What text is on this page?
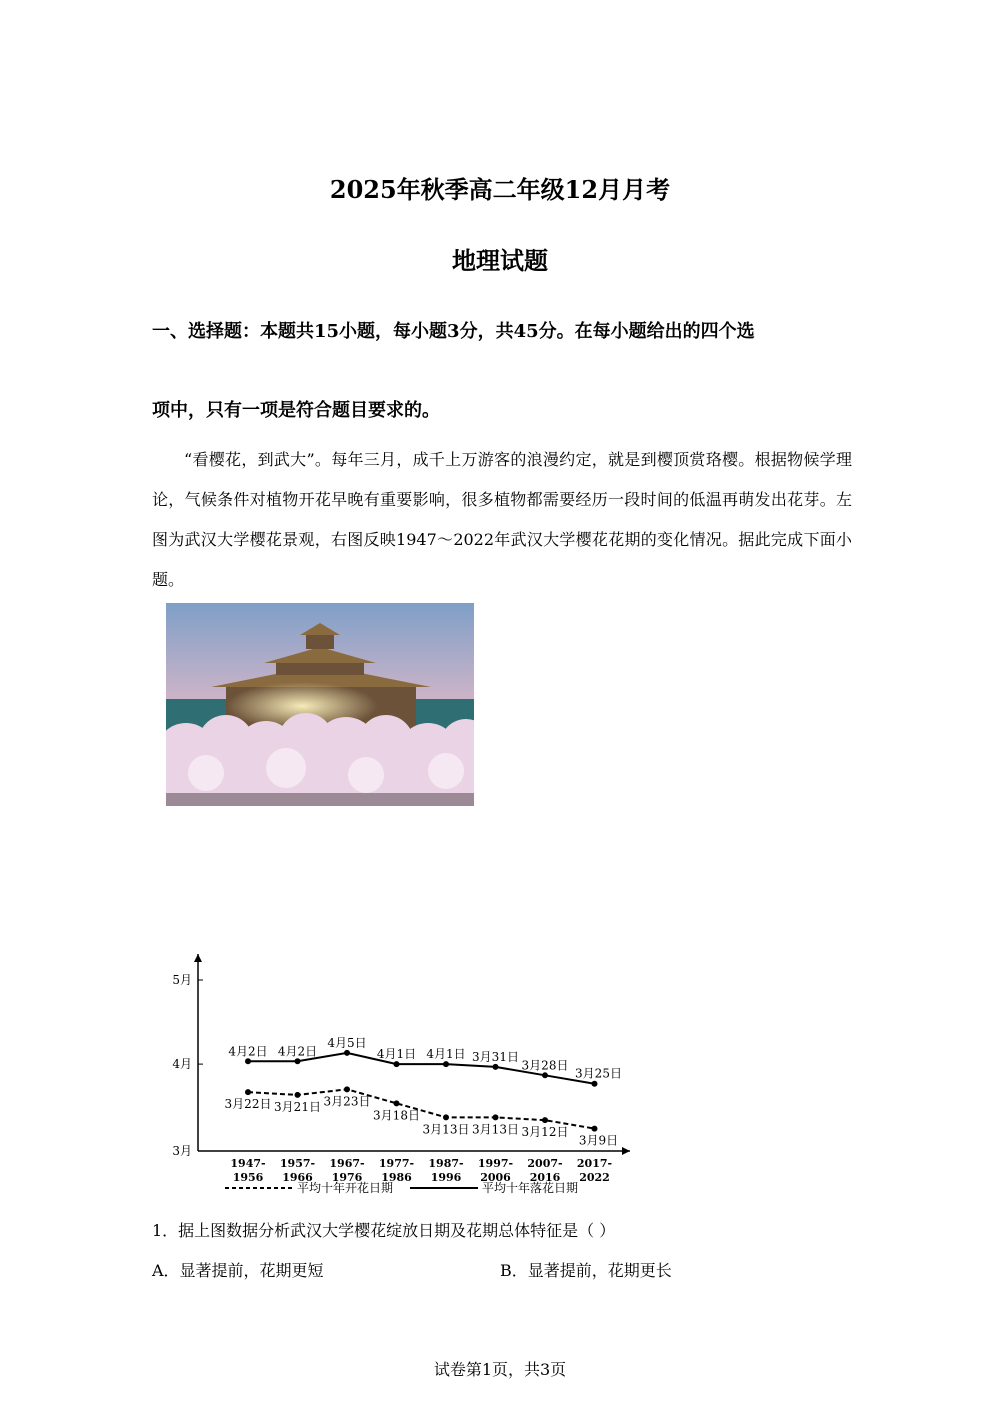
2025年秋季高二年级12月月考
地理试题

一、选择题：本题共15小题，每小题3分，共45分。在每小题给出的四个选

项中，只有一项是符合题目要求的。

“看樱花，到武大”。每年三月，成千上万游客的浪漫约定，就是到樱顶赏珞樱。根据物候学理论，气候条件对植物开花早晚有重要影响，很多植物都需要经历一段时间的低温再萌发出花芽。左图为武汉大学樱花景观，右图反映1947～2022年武汉大学樱花花期的变化情况。据此完成下面小题。

5月
4月
3月
1947-
1956
1957-
1966
1967-
1976
1977-
1986
1987-
1996
1997-
2006
2007-
2016
2017-
2022
4月2日 4月2日
4月5日
4月1日 4月1日 3月31日
3月28日
3月25日
3月22日 3月21日 3月23日
3月18日
3月13日 3月13日 3月12日
3月9日
平均十年开花日期	平均十年落花日期

1．据上图数据分析武汉大学樱花绽放日期及花期总体特征是（ ）

A．显著提前，花期更短	B．显著提前，花期更长

试卷第1页，共3页
